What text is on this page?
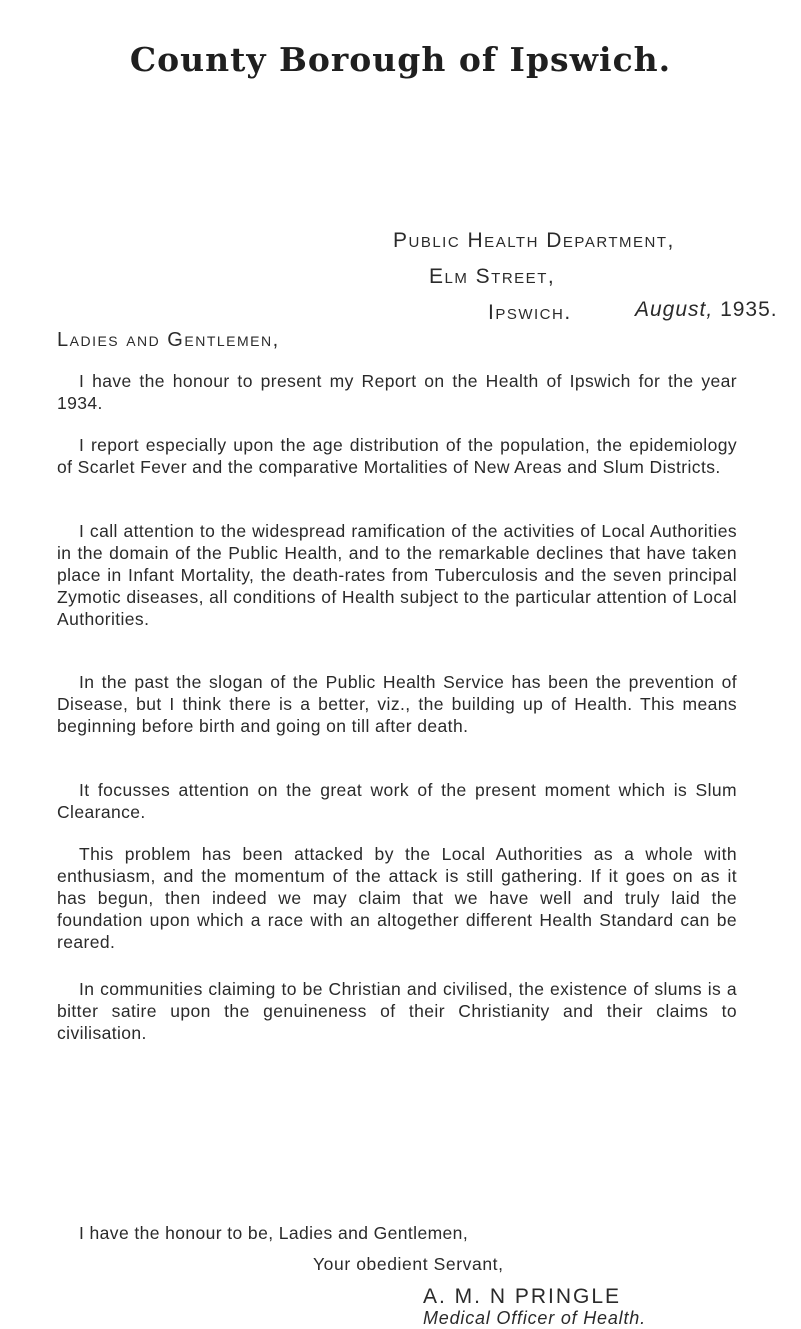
County Borough of Ipswich.
Public Health Department,
Elm Street,
Ipswich.	August, 1935.
Ladies and Gentlemen,

I have the honour to present my Report on the Health of Ipswich for the year 1934.

I report especially upon the age distribution of the population, the epidemiology of Scarlet Fever and the comparative Mortalities of New Areas and Slum Districts.

I call attention to the widespread ramification of the activities of Local Authorities in the domain of the Public Health, and to the remarkable declines that have taken place in Infant Mortality, the death-rates from Tuberculosis and the seven principal Zymotic diseases, all conditions of Health subject to the particular attention of Local Authorities.

In the past the slogan of the Public Health Service has been the prevention of Disease, but I think there is a better, viz., the building up of Health. This means beginning before birth and going on till after death.

It focusses attention on the great work of the present moment which is Slum Clearance.

This problem has been attacked by the Local Authorities as a whole with enthusiasm, and the momentum of the attack is still gathering. If it goes on as it has begun, then indeed we may claim that we have well and truly laid the foundation upon which a race with an altogether different Health Standard can be reared.

In communities claiming to be Christian and civilised, the existence of slums is a bitter satire upon the genuineness of their Christianity and their claims to civilisation.

I have the honour to be, Ladies and Gentlemen,
Your obedient Servant,
A. M. N PRINGLE
Medical Officer of Health.
